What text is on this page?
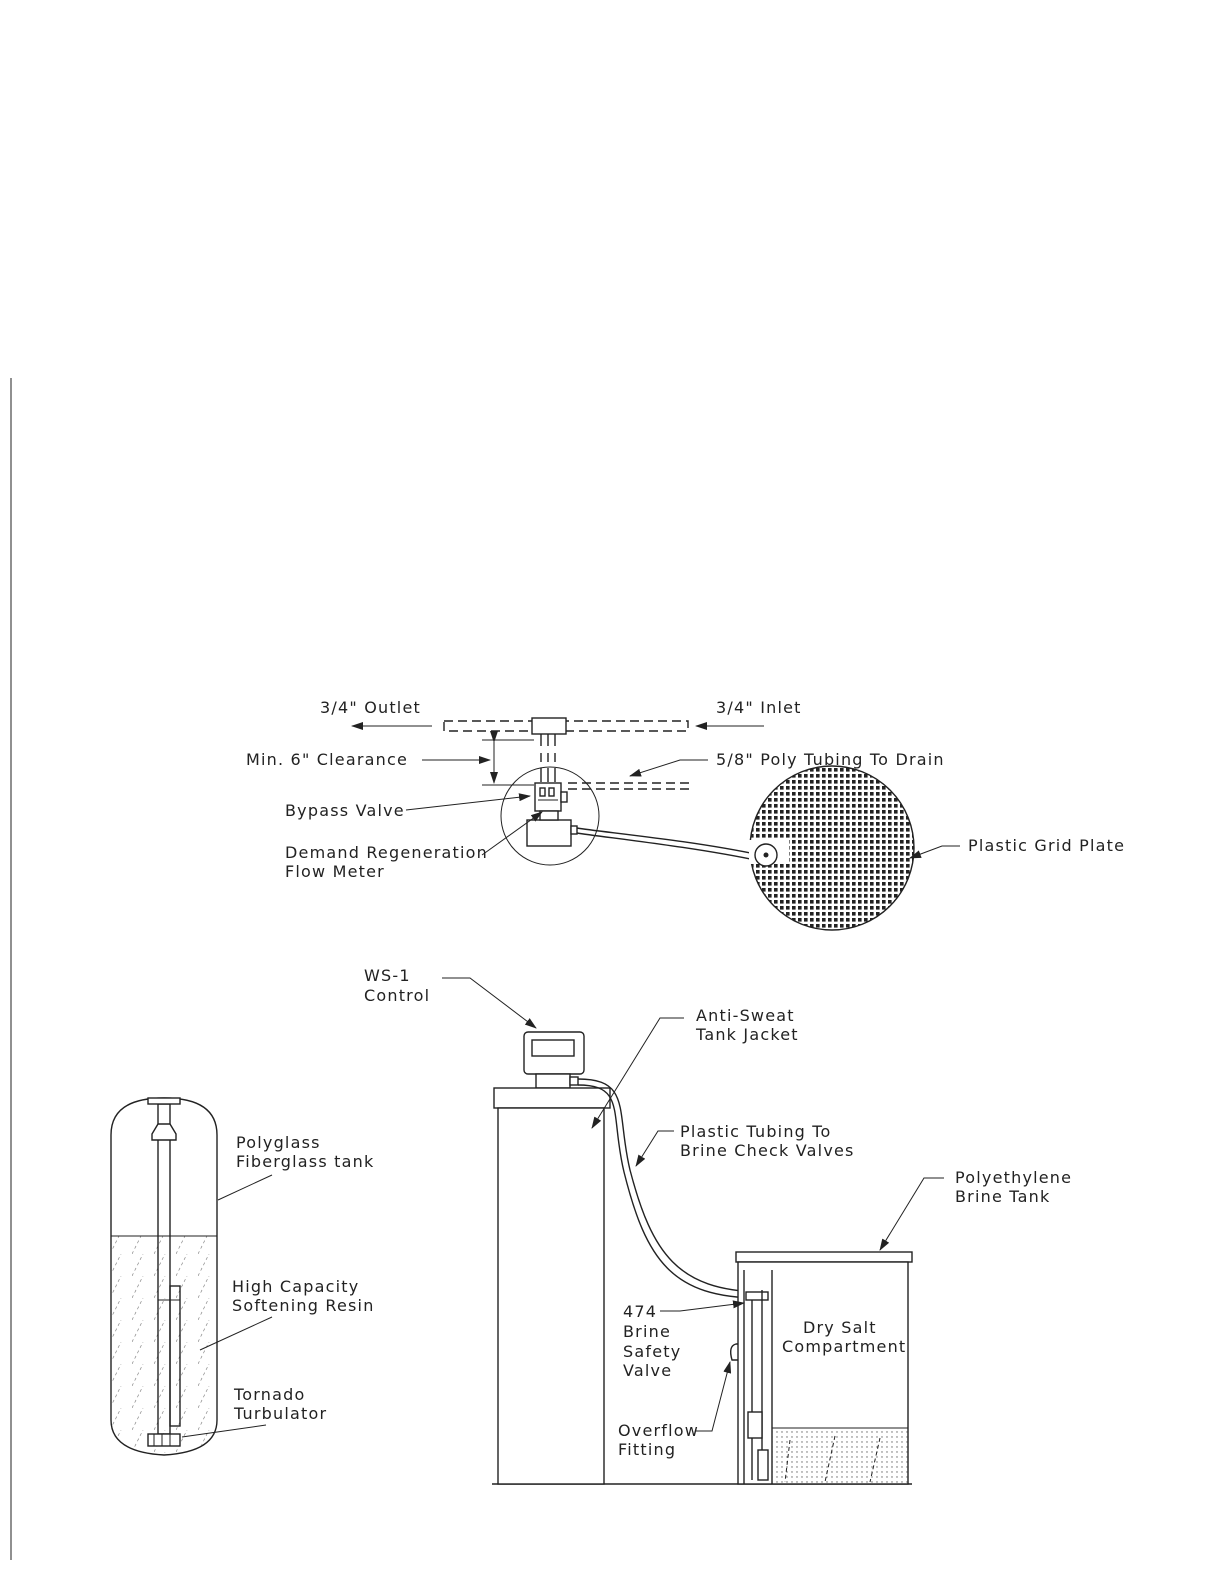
3/4" Outlet	3/4" Inlet
Min. 6" Clearance	5/8" Poly Tubing To Drain
Bypass Valve
Demand Regeneration
Flow Meter
Plastic Grid Plate
Polyglass
Fiberglass tank
High Capacity
Softening Resin
Tornado
Turbulator
WS-1
Control
Anti-Sweat
Tank Jacket
Plastic Tubing To
Brine Check Valves
Polyethylene
Brine Tank
474
Brine
Safety
Valve
Overflow
Fitting
Dry Salt
Compartment
